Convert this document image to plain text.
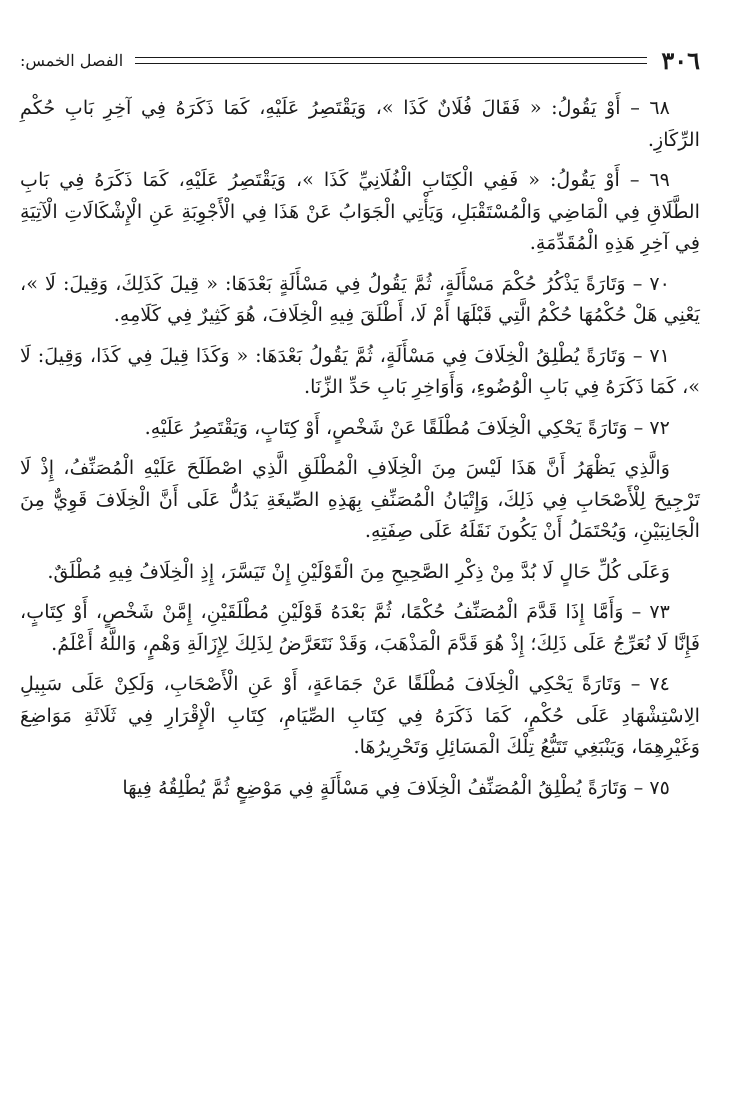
٣٠٦
الفصل الخمس:

٦٨ – أَوْ يَقُولُ: « فَقَالَ فُلَانٌ كَذَا »، وَيَقْتَصِرُ عَلَيْهِ، كَمَا ذَكَرَهُ فِي آخِرِ بَابِ حُكْمِ الرِّكَازِ.

٦٩ – أَوْ يَقُولُ: « فَفِي الْكِتَابِ الْفُلَانِيِّ كَذَا »، وَيَقْتَصِرُ عَلَيْهِ، كَمَا ذَكَرَهُ فِي بَابِ الطَّلَاقِ فِي الْمَاضِي وَالْمُسْتَقْبَلِ، وَيَأْتِي الْجَوَابُ عَنْ هَذَا فِي الْأَجْوِبَةِ عَنِ الْإِشْكَالَاتِ الْآتِيَةِ فِي آخِرِ هَذِهِ الْمُقَدِّمَةِ.

٧٠ – وَتَارَةً يَذْكُرُ حُكْمَ مَسْأَلَةٍ، ثُمَّ يَقُولُ فِي مَسْأَلَةٍ بَعْدَهَا: « قِيلَ كَذَلِكَ، وَقِيلَ: لَا »، يَعْنِي هَلْ حُكْمُهَا حُكْمُ الَّتِي قَبْلَهَا أَمْ لَا، أَطْلَقَ فِيهِ الْخِلَافَ، هُوَ كَثِيرٌ فِي كَلَامِهِ.

٧١ – وَتَارَةً يُطْلِقُ الْخِلَافَ فِي مَسْأَلَةٍ، ثُمَّ يَقُولُ بَعْدَهَا: « وَكَذَا قِيلَ فِي كَذَا، وَقِيلَ: لَا »، كَمَا ذَكَرَهُ فِي بَابِ الْوُضُوءِ، وَأَوَاخِرِ بَابِ حَدِّ الزِّنَا.

٧٢ – وَتَارَةً يَحْكِي الْخِلَافَ مُطْلَقًا عَنْ شَخْصٍ، أَوْ كِتَابٍ، وَيَقْتَصِرُ عَلَيْهِ.

وَالَّذِي يَظْهَرُ أَنَّ هَذَا لَيْسَ مِنَ الْخِلَافِ الْمُطْلَقِ الَّذِي اصْطَلَحَ عَلَيْهِ الْمُصَنِّفُ، إِذْ لَا تَرْجِيحَ لِلْأَصْحَابِ فِي ذَلِكَ، وَإِتْيَانُ الْمُصَنِّفِ بِهَذِهِ الصِّيغَةِ يَدُلُّ عَلَى أَنَّ الْخِلَافَ قَوِيٌّ مِنَ الْجَانِبَيْنِ، وَيُحْتَمَلُ أَنْ يَكُونَ نَقَلَهُ عَلَى صِفَتِهِ.

وَعَلَى كُلِّ حَالٍ لَا بُدَّ مِنْ ذِكْرِ الصَّحِيحِ مِنَ الْقَوْلَيْنِ إِنْ تَيَسَّرَ، إِذِ الْخِلَافُ فِيهِ مُطْلَقٌ.

٧٣ – وَأَمَّا إِذَا قَدَّمَ الْمُصَنِّفُ حُكْمًا، ثُمَّ بَعْدَهُ قَوْلَيْنِ مُطْلَقَيْنِ، إِمَّنْ شَخْصٍ، أَوْ كِتَابٍ، فَإِنَّا لَا نُعَرِّجُ عَلَى ذَلِكَ؛ إِذْ هُوَ قَدَّمَ الْمَذْهَبَ، وَقَدْ نَتَعَرَّضُ لِذَلِكَ لِإِزَالَةِ وَهْمٍ، وَاللَّهُ أَعْلَمُ.

٧٤ – وَتَارَةً يَحْكِي الْخِلَافَ مُطْلَقًا عَنْ جَمَاعَةٍ، أَوْ عَنِ الْأَصْحَابِ، وَلَكِنْ عَلَى سَبِيلِ الِاسْتِشْهَادِ عَلَى حُكْمٍ، كَمَا ذَكَرَهُ فِي كِتَابِ الصِّيَامِ، كِتَابِ الْإِقْرَارِ فِي ثَلَاثَةِ مَوَاضِعَ وَغَيْرِهِمَا، وَيَنْبَغِي تَتَبُّعُ تِلْكَ الْمَسَائِلِ وَتَحْرِيرُهَا.

٧٥ – وَتَارَةً يُطْلِقُ الْمُصَنِّفُ الْخِلَافَ فِي مَسْأَلَةٍ فِي مَوْضِعٍ ثُمَّ يُطْلِقُهُ فِيهَا
